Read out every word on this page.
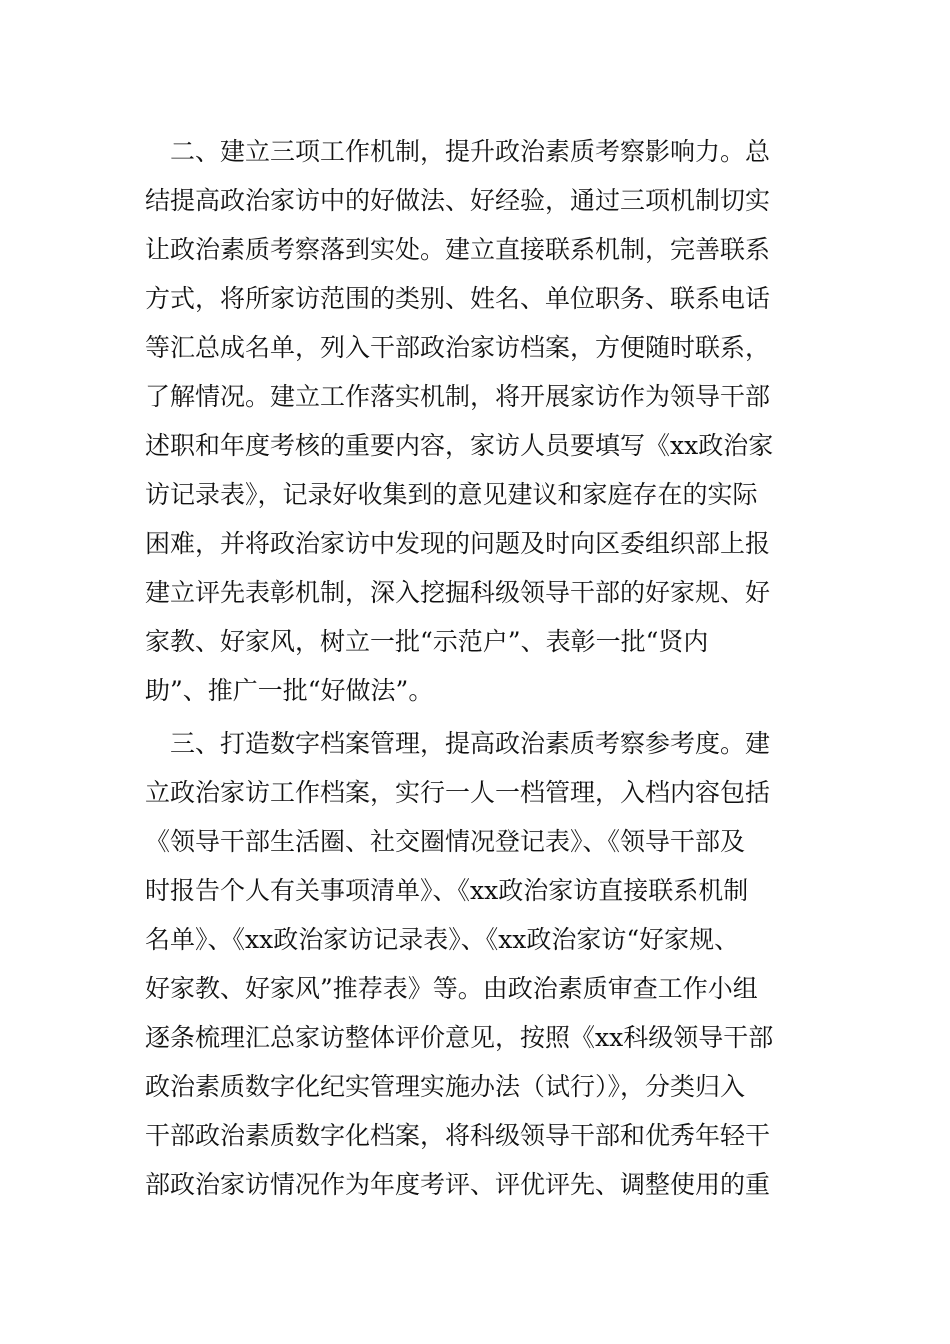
　二、建立三项工作机制，提升政治素质考察影响力。总
结提高政治家访中的好做法、好经验，通过三项机制切实
让政治素质考察落到实处。建立直接联系机制，完善联系
方式，将所家访范围的类别、姓名、单位职务、联系电话
等汇总成名单，列入干部政治家访档案，方便随时联系，
了解情况。建立工作落实机制，将开展家访作为领导干部
述职和年度考核的重要内容，家访人员要填写《xx政治家
访记录表》，记录好收集到的意见建议和家庭存在的实际
困难，并将政治家访中发现的问题及时向区委组织部上报
建立评先表彰机制，深入挖掘科级领导干部的好家规、好
家教、好家风，树立一批“示范户”、表彰一批“贤内
助”、推广一批“好做法”。
　三、打造数字档案管理，提高政治素质考察参考度。建
立政治家访工作档案，实行一人一档管理，入档内容包括
《领导干部生活圈、社交圈情况登记表》、《领导干部及
时报告个人有关事项清单》、《xx政治家访直接联系机制
名单》、《xx政治家访记录表》、《xx政治家访“好家规、
好家教、好家风”推荐表》等。由政治素质审查工作小组
逐条梳理汇总家访整体评价意见，按照《xx科级领导干部
政治素质数字化纪实管理实施办法（试行）》，分类归入
干部政治素质数字化档案，将科级领导干部和优秀年轻干
部政治家访情况作为年度考评、评优评先、调整使用的重
